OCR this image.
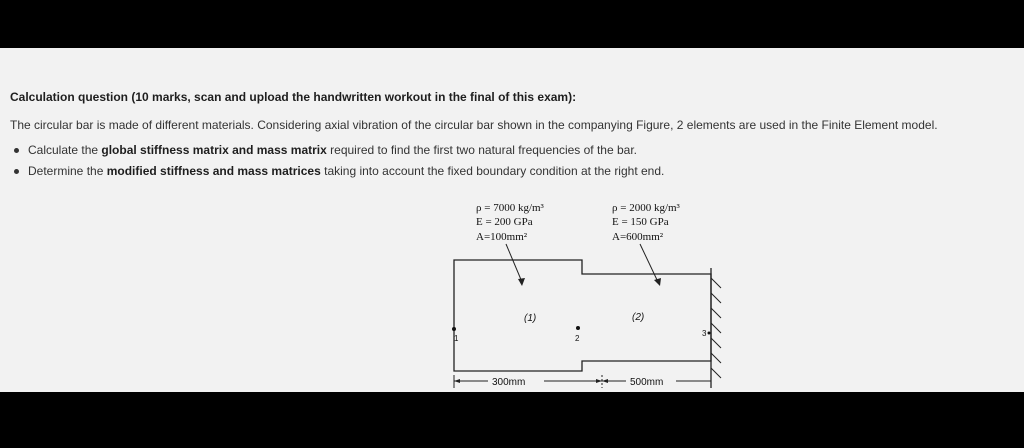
Calculation question (10 marks, scan and upload the handwritten workout in the final of this exam):
The circular bar is made of different materials. Considering axial vibration of the circular bar shown in the companying Figure, 2 elements are used in the Finite Element model.
Calculate the global stiffness matrix and mass matrix required to find the first two natural frequencies of the bar.
Determine the modified stiffness and mass matrices taking into account the fixed boundary condition at the right end.
ρ = 7000 kg/m³
E = 200 GPa
A=100mm²
ρ = 2000 kg/m³
E = 150 GPa
A=600mm²
(1)	(2)
1	2
3
300mm	500mm
